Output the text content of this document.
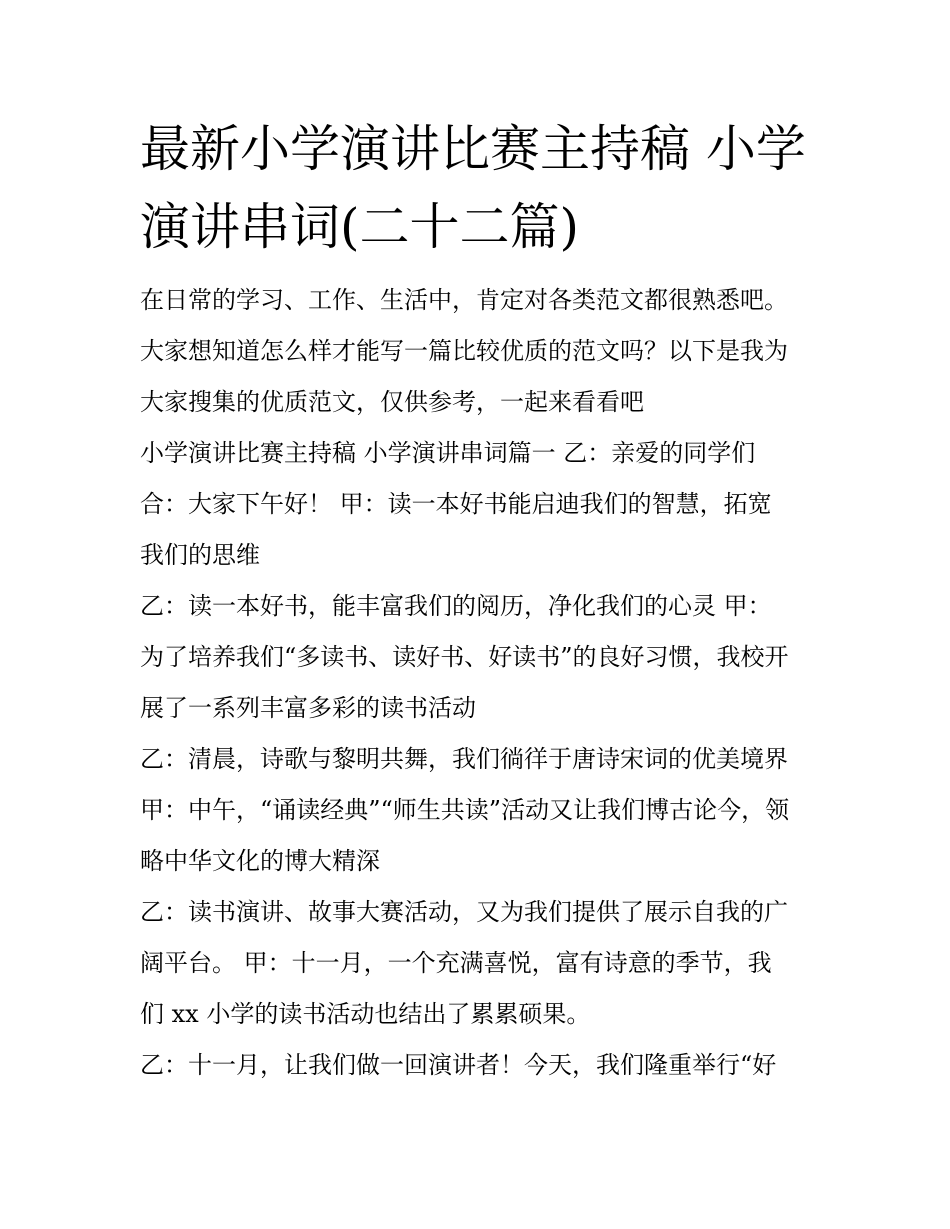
最新小学演讲比赛主持稿 小学
演讲串词(二十二篇)
在日常的学习、工作、生活中，肯定对各类范文都很熟悉吧。
大家想知道怎么样才能写一篇比较优质的范文吗？以下是我为
大家搜集的优质范文，仅供参考，一起来看看吧
小学演讲比赛主持稿 小学演讲串词篇一 乙：亲爱的同学们
合：大家下午好！ 甲：读一本好书能启迪我们的智慧，拓宽
我们的思维
乙：读一本好书，能丰富我们的阅历，净化我们的心灵 甲：
为了培养我们“多读书、读好书、好读书”的良好习惯，我校开
展了一系列丰富多彩的读书活动
乙：清晨，诗歌与黎明共舞，我们徜徉于唐诗宋词的优美境界
甲：中午，“诵读经典”“师生共读”活动又让我们博古论今，领
略中华文化的博大精深
乙：读书演讲、故事大赛活动，又为我们提供了展示自我的广
阔平台。 甲：十一月，一个充满喜悦，富有诗意的季节，我
们 xx 小学的读书活动也结出了累累硕果。
乙：十一月，让我们做一回演讲者！今天，我们隆重举行“好
